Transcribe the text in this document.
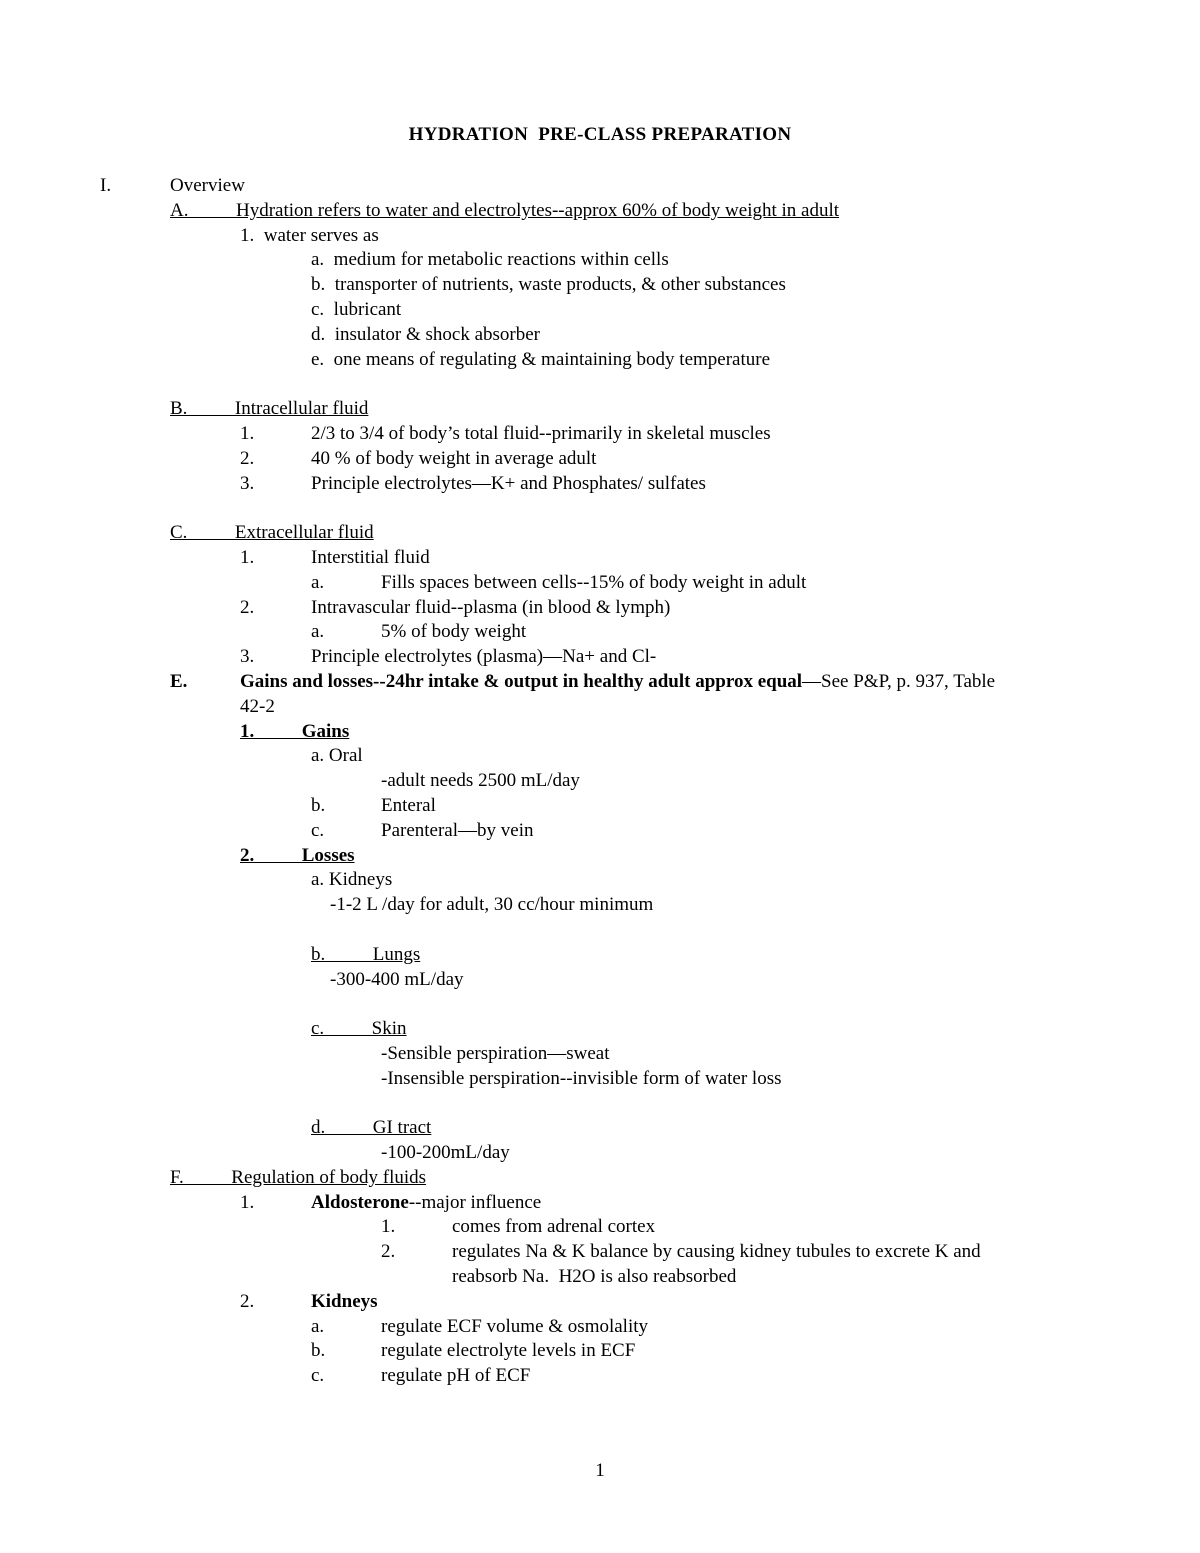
HYDRATION  PRE-CLASS PREPARATION
I.	Overview
A.          Hydration refers to water and electrolytes--approx 60% of body weight in adult
1.  water serves as
a.  medium for metabolic reactions within cells
b.  transporter of nutrients, waste products, & other substances
c.  lubricant
d.  insulator & shock absorber
e.  one means of regulating & maintaining body temperature
B.          Intracellular fluid
1.	2/3 to 3/4 of body’s total fluid--primarily in skeletal muscles
2.	40 % of body weight in average adult
3.	Principle electrolytes—K+ and Phosphates/ sulfates
C.          Extracellular fluid
1.	Interstitial fluid
a.	Fills spaces between cells--15% of body weight in adult
2.	Intravascular fluid--plasma (in blood & lymph)
a.	5% of body weight
3.	Principle electrolytes (plasma)—Na+ and Cl-
E.	Gains and losses--24hr intake & output in healthy adult approx equal—See P&P, p. 937, Table
42-2
1.          Gains
a. Oral
-adult needs 2500 mL/day
b.	Enteral
c.	Parenteral—by vein
2.          Losses
a. Kidneys
-1-2 L /day for adult, 30 cc/hour minimum
b.          Lungs
-300-400 mL/day
c.          Skin
-Sensible perspiration—sweat
-Insensible perspiration--invisible form of water loss
d.          GI tract
-100-200mL/day
F.          Regulation of body fluids
1.	Aldosterone--major influence
1.	comes from adrenal cortex
2.	regulates Na & K balance by causing kidney tubules to excrete K and
reabsorb Na.  H2O is also reabsorbed
2.	Kidneys
a.	regulate ECF volume & osmolality
b.	regulate electrolyte levels in ECF
c.	regulate pH of ECF
1
